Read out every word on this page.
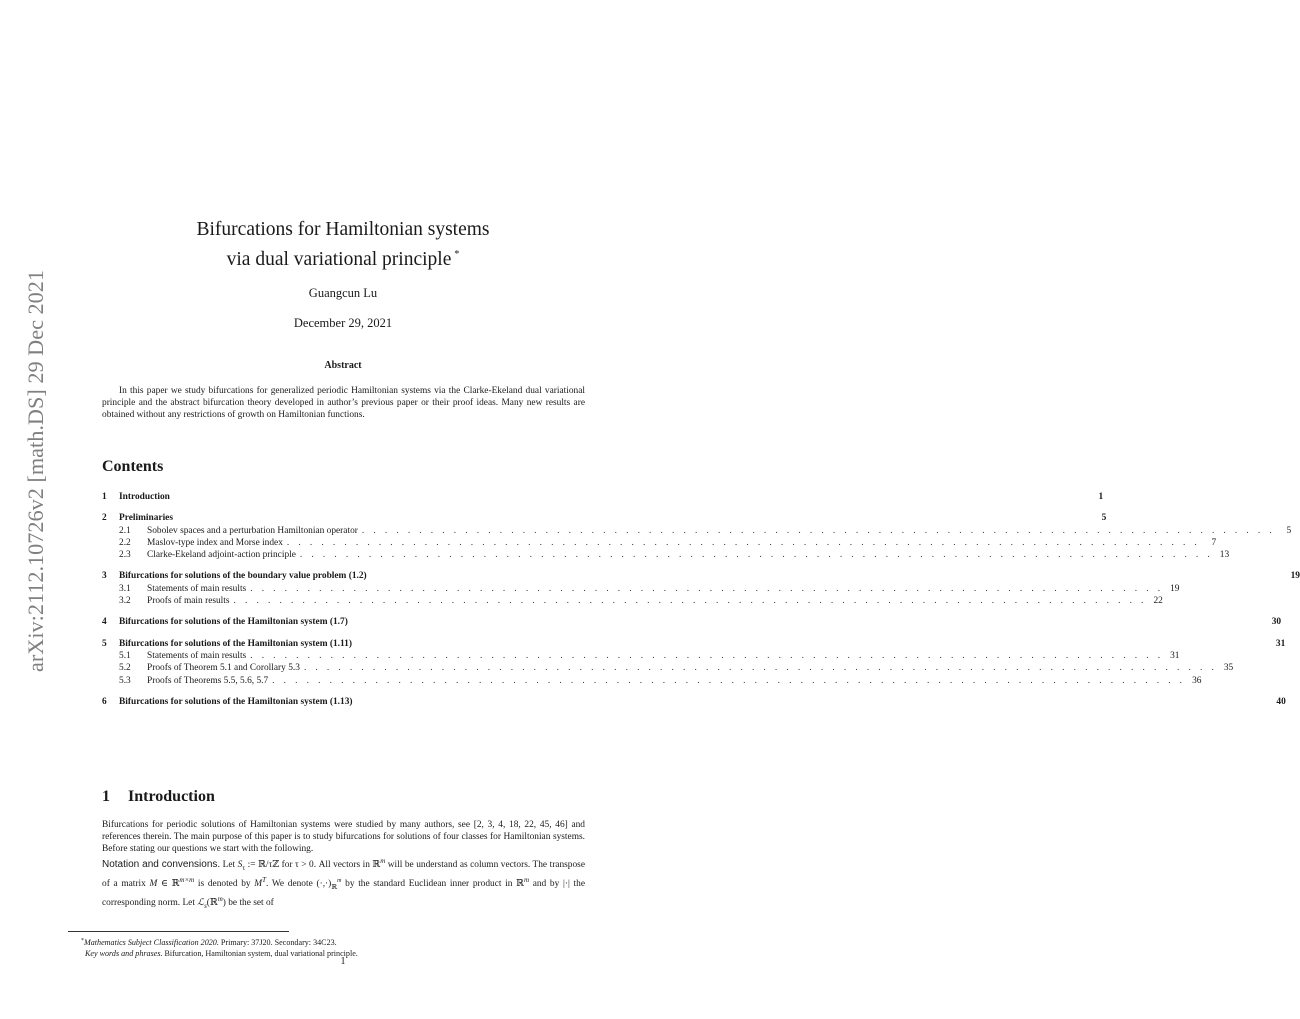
arXiv:2112.10726v2 [math.DS] 29 Dec 2021
Bifurcations for Hamiltonian systems
via dual variational principle *
Guangcun Lu
December 29, 2021
Abstract
In this paper we study bifurcations for generalized periodic Hamiltonian systems via the Clarke-Ekeland dual variational principle and the abstract bifurcation theory developed in author’s previous paper or their proof ideas. Many new results are obtained without any restrictions of growth on Hamiltonian functions.
Contents
1	Introduction	1
2	Preliminaries	5
2.1	Sobolev spaces and a perturbation Hamiltonian operator . . . . . . . . . . . . . . . . . . . . . . . . . . . . . . . . . . . . . . . . . . . . . . . . . . . . . . . . . . . . . . . . . . . . . . . . . . . . . . . .	5
2.2	Maslov-type index and Morse index . . . . . . . . . . . . . . . . . . . . . . . . . . . . . . . . . . . . . . . . . . . . . . . . . . . . . . . . . . . . . . . . . . . . . . . . . . . . . . . .	7
2.3	Clarke-Ekeland adjoint-action principle . . . . . . . . . . . . . . . . . . . . . . . . . . . . . . . . . . . . . . . . . . . . . . . . . . . . . . . . . . . . . . . . . . . . . . . . . . . . . . . . 13
3	Bifurcations for solutions of the boundary value problem (1.2)	19
3.1	Statements of main results . . . . . . . . . . . . . . . . . . . . . . . . . . . . . . . . . . . . . . . . . . . . . . . . . . . . . . . . . . . . . . . . . . . . . . . . . . . . . . . . 19
3.2	Proofs of main results . . . . . . . . . . . . . . . . . . . . . . . . . . . . . . . . . . . . . . . . . . . . . . . . . . . . . . . . . . . . . . . . . . . . . . . . . . . . . . . . 22
4	Bifurcations for solutions of the Hamiltonian system (1.7)	30
5	Bifurcations for solutions of the Hamiltonian system (1.11)	31
5.1	Statements of main results . . . . . . . . . . . . . . . . . . . . . . . . . . . . . . . . . . . . . . . . . . . . . . . . . . . . . . . . . . . . . . . . . . . . . . . . . . . . . . . . 31
5.2	Proofs of Theorem 5.1 and Corollary 5.3 . . . . . . . . . . . . . . . . . . . . . . . . . . . . . . . . . . . . . . . . . . . . . . . . . . . . . . . . . . . . . . . . . . . . . . . . . . . . . . . . 35
5.3	Proofs of Theorems 5.5, 5.6, 5.7 . . . . . . . . . . . . . . . . . . . . . . . . . . . . . . . . . . . . . . . . . . . . . . . . . . . . . . . . . . . . . . . . . . . . . . . . . . . . . . . . 36
6	Bifurcations for solutions of the Hamiltonian system (1.13)	40
1 Introduction

Bifurcations for periodic solutions of Hamiltonian systems were studied by many authors, see [2, 3, 4, 18, 22, 45, 46] and references therein. The main purpose of this paper is to study bifurcations for solutions of four classes for Hamiltonian systems. Before stating our questions we start with the following.

Notation and convensions. Let $S_\tau$ := ℝ/τℤ for τ > 0. All vectors in ℝ$^m$ will be understand as column vectors. The transpose of a matrix M ∈ ℝ$^{m\times m}$ is denoted by $M^T$. We denote $(\cdot,\cdot)_ℝ^m$ by the standard Euclidean inner product in ℝ$^m$ and by |·| the corresponding norm. Let ℒ$_s$(ℝ$^m$) be the set of

*Mathematics Subject Classification 2020. Primary: 37J20. Secondary: 34C23.
Key words and phrases. Bifurcation, Hamiltonian system, dual variational principle.
1
